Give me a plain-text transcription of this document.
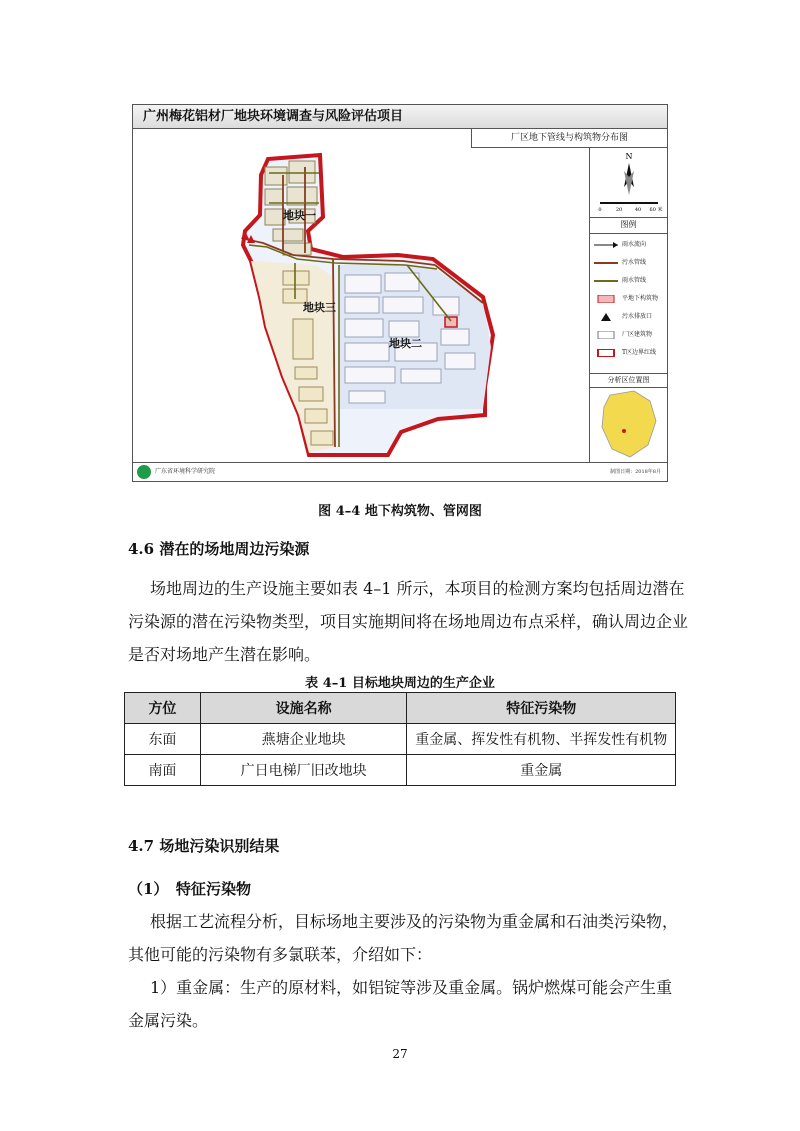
广州梅花铝材厂地块环境调查与风险评估项目
厂区地下管线与构筑物分布图
地块一
地块二
地块三
N
0	20	40 60 米
图例
雨水流向
污水管线
雨水管线
平地下构筑物
污水排放口
厂区建筑物
T区边界红线
分析区位置图
广东省环境科学研究院	制图日期：2018年8月
图 4–4 地下构筑物、管网图
4.6 潜在的场地周边污染源
场地周边的生产设施主要如表 4–1 所示，本项目的检测方案均包括周边潜在
污染源的潜在污染物类型，项目实施期间将在场地周边布点采样，确认周边企业
是否对场地产生潜在影响。
表 4–1 目标地块周边的生产企业
方位	设施名称	特征污染物
东面	燕塘企业地块	重金属、挥发性有机物、半挥发性有机物
南面	广日电梯厂旧改地块	重金属
4.7 场地污染识别结果
（1）　特征污染物
根据工艺流程分析，目标场地主要涉及的污染物为重金属和石油类污染物，
其他可能的污染物有多氯联苯，介绍如下：
1）重金属：生产的原材料，如铝锭等涉及重金属。锅炉燃煤可能会产生重
金属污染。
27
